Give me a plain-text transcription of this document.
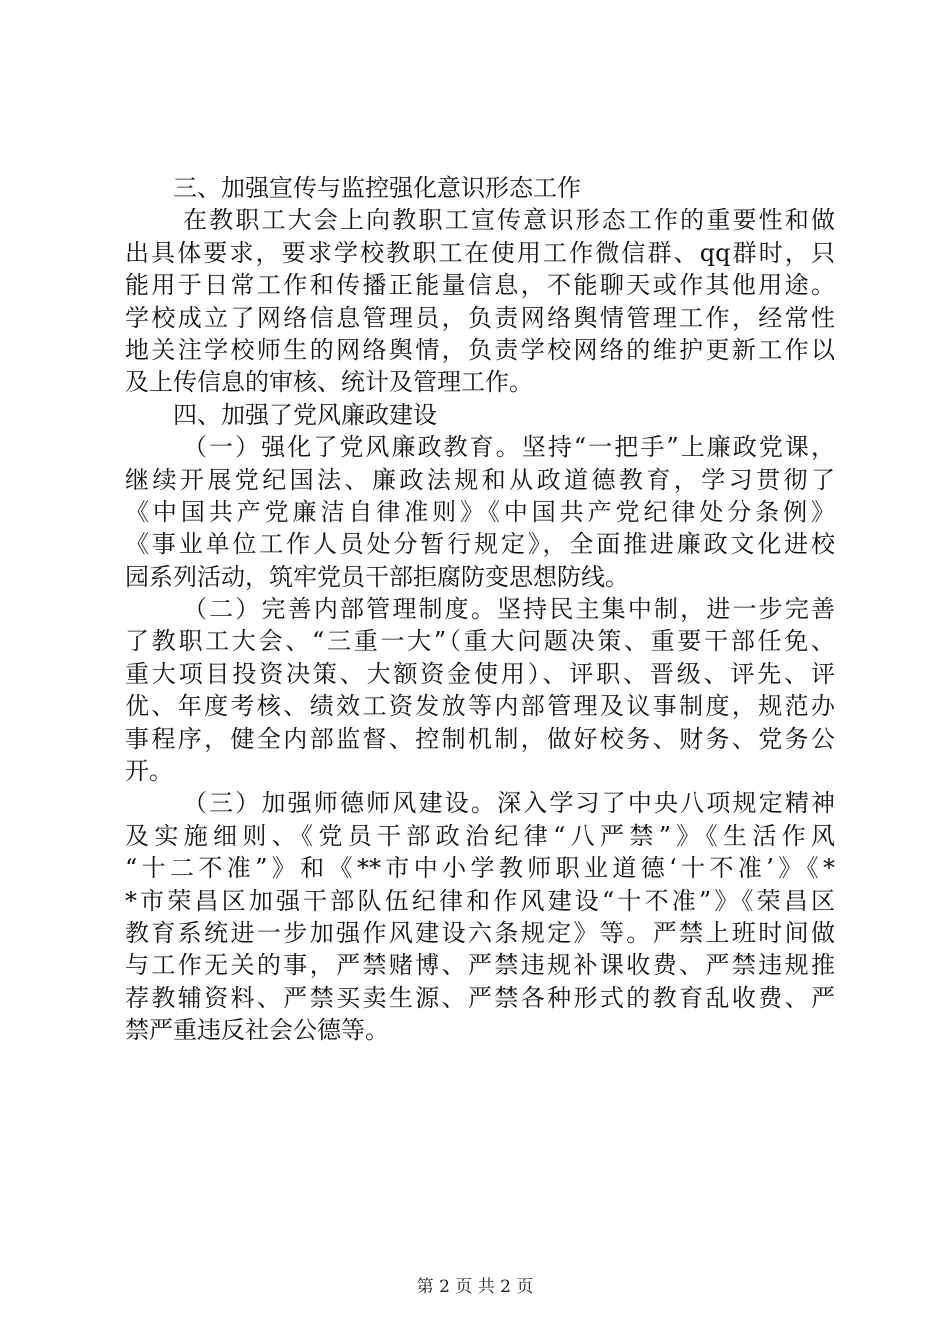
三、加强宣传与监控强化意识形态工作
在教职工大会上向教职工宣传意识形态工作的重要性和做
出具体要求，要求学校教职工在使用工作微信群、qq群时，只
能用于日常工作和传播正能量信息，不能聊天或作其他用途。
学校成立了网络信息管理员，负责网络舆情管理工作，经常性
地关注学校师生的网络舆情，负责学校网络的维护更新工作以
及上传信息的审核、统计及管理工作。
四、加强了党风廉政建设
（一）强化了党风廉政教育。坚持“一把手”上廉政党课，
继续开展党纪国法、廉政法规和从政道德教育，学习贯彻了
《中国共产党廉洁自律准则》《中国共产党纪律处分条例》
《事业单位工作人员处分暂行规定》，全面推进廉政文化进校
园系列活动，筑牢党员干部拒腐防变思想防线。
（二）完善内部管理制度。坚持民主集中制，进一步完善
了教职工大会、“三重一大”（重大问题决策、重要干部任免、
重大项目投资决策、大额资金使用）、评职、晋级、评先、评
优、年度考核、绩效工资发放等内部管理及议事制度，规范办
事程序，健全内部监督、控制机制，做好校务、财务、党务公
开。
（三）加强师德师风建设。深入学习了中央八项规定精神
及实施细则、《党员干部政治纪律“八严禁”》《生活作风
“十二不准”》和《**市中小学教师职业道德‘十不准’》《*
*市荣昌区加强干部队伍纪律和作风建设“十不准”》《荣昌区
教育系统进一步加强作风建设六条规定》等。严禁上班时间做
与工作无关的事，严禁赌博、严禁违规补课收费、严禁违规推
荐教辅资料、严禁买卖生源、严禁各种形式的教育乱收费、严
禁严重违反社会公德等。
第 2 页 共 2 页
